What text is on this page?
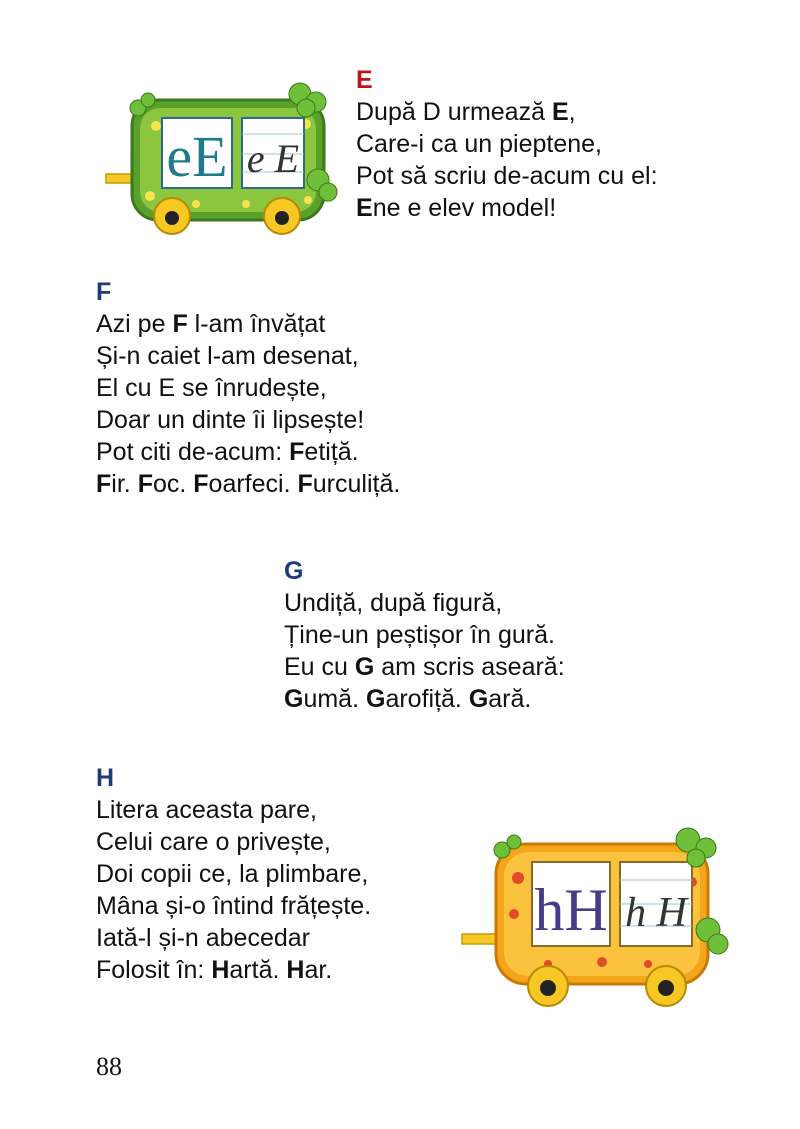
eE e E
E
După D urmează E,
Care-i ca un pieptene,
Pot să scriu de-acum cu el:
Ene e elev model!
F
Azi pe F l-am învățat
Și-n caiet l-am desenat,
El cu E se înrudește,
Doar un dinte îi lipsește!
Pot citi de-acum: Fetiță.
Fir. Foc. Foarfeci. Furculiță.
G
Undiță, după figură,
Ține-un peștișor în gură.
Eu cu G am scris aseară:
Gumă. Garofiță. Gară.
H
Litera aceasta pare,
Celui care o privește,
Doi copii ce, la plimbare,
Mâna și-o întind frățește.
Iată-l și-n abecedar
Folosit în: Hartă. Har.
hH h H
88
